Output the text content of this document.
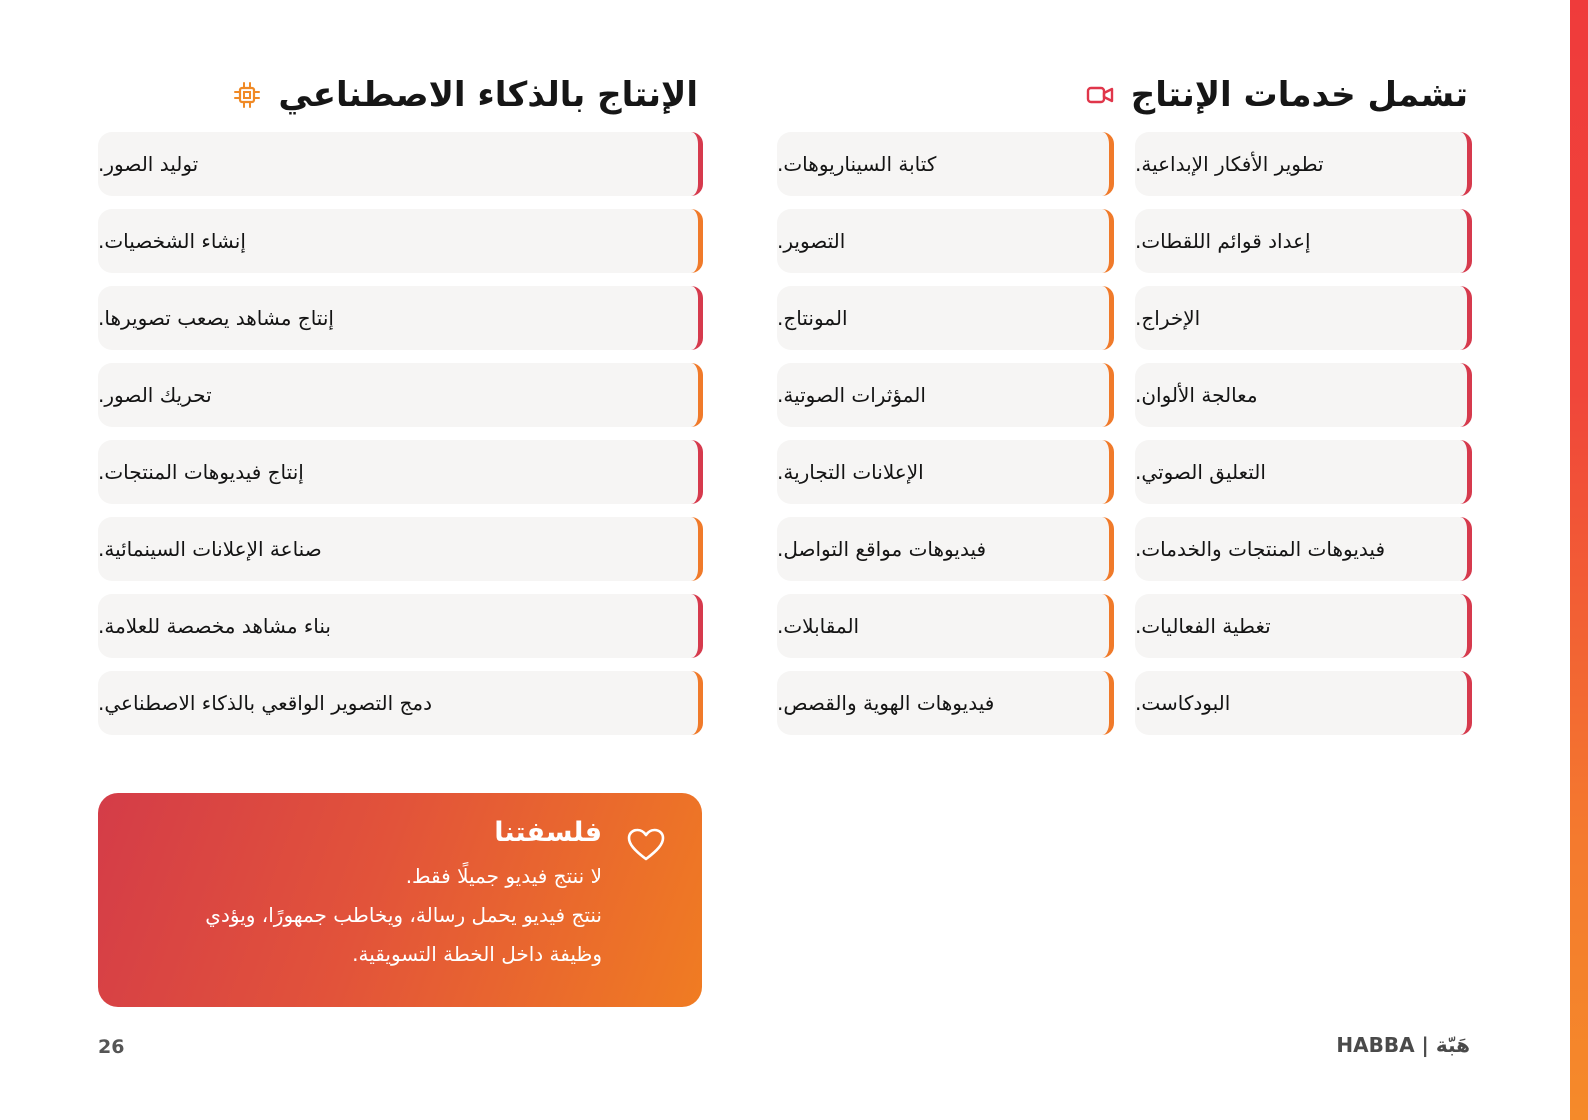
تشمل خدمات الإنتاج
الإنتاج بالذكاء الاصطناعي
تطوير الأفكار الإبداعية.
إعداد قوائم اللقطات.
الإخراج.
معالجة الألوان.
التعليق الصوتي.
فيديوهات المنتجات والخدمات.
تغطية الفعاليات.
البودكاست.
كتابة السيناريوهات.
التصوير.
المونتاج.
المؤثرات الصوتية.
الإعلانات التجارية.
فيديوهات مواقع التواصل.
المقابلات.
فيديوهات الهوية والقصص.
توليد الصور.
إنشاء الشخصيات.
إنتاج مشاهد يصعب تصويرها.
تحريك الصور.
إنتاج فيديوهات المنتجات.
صناعة الإعلانات السينمائية.
بناء مشاهد مخصصة للعلامة.
دمج التصوير الواقعي بالذكاء الاصطناعي.
فلسفتنا
لا ننتج فيديو جميلًا فقط.
ننتج فيديو يحمل رسالة، ويخاطب جمهورًا، ويؤدي
وظيفة داخل الخطة التسويقية.
26	HABBA | هَبّة
